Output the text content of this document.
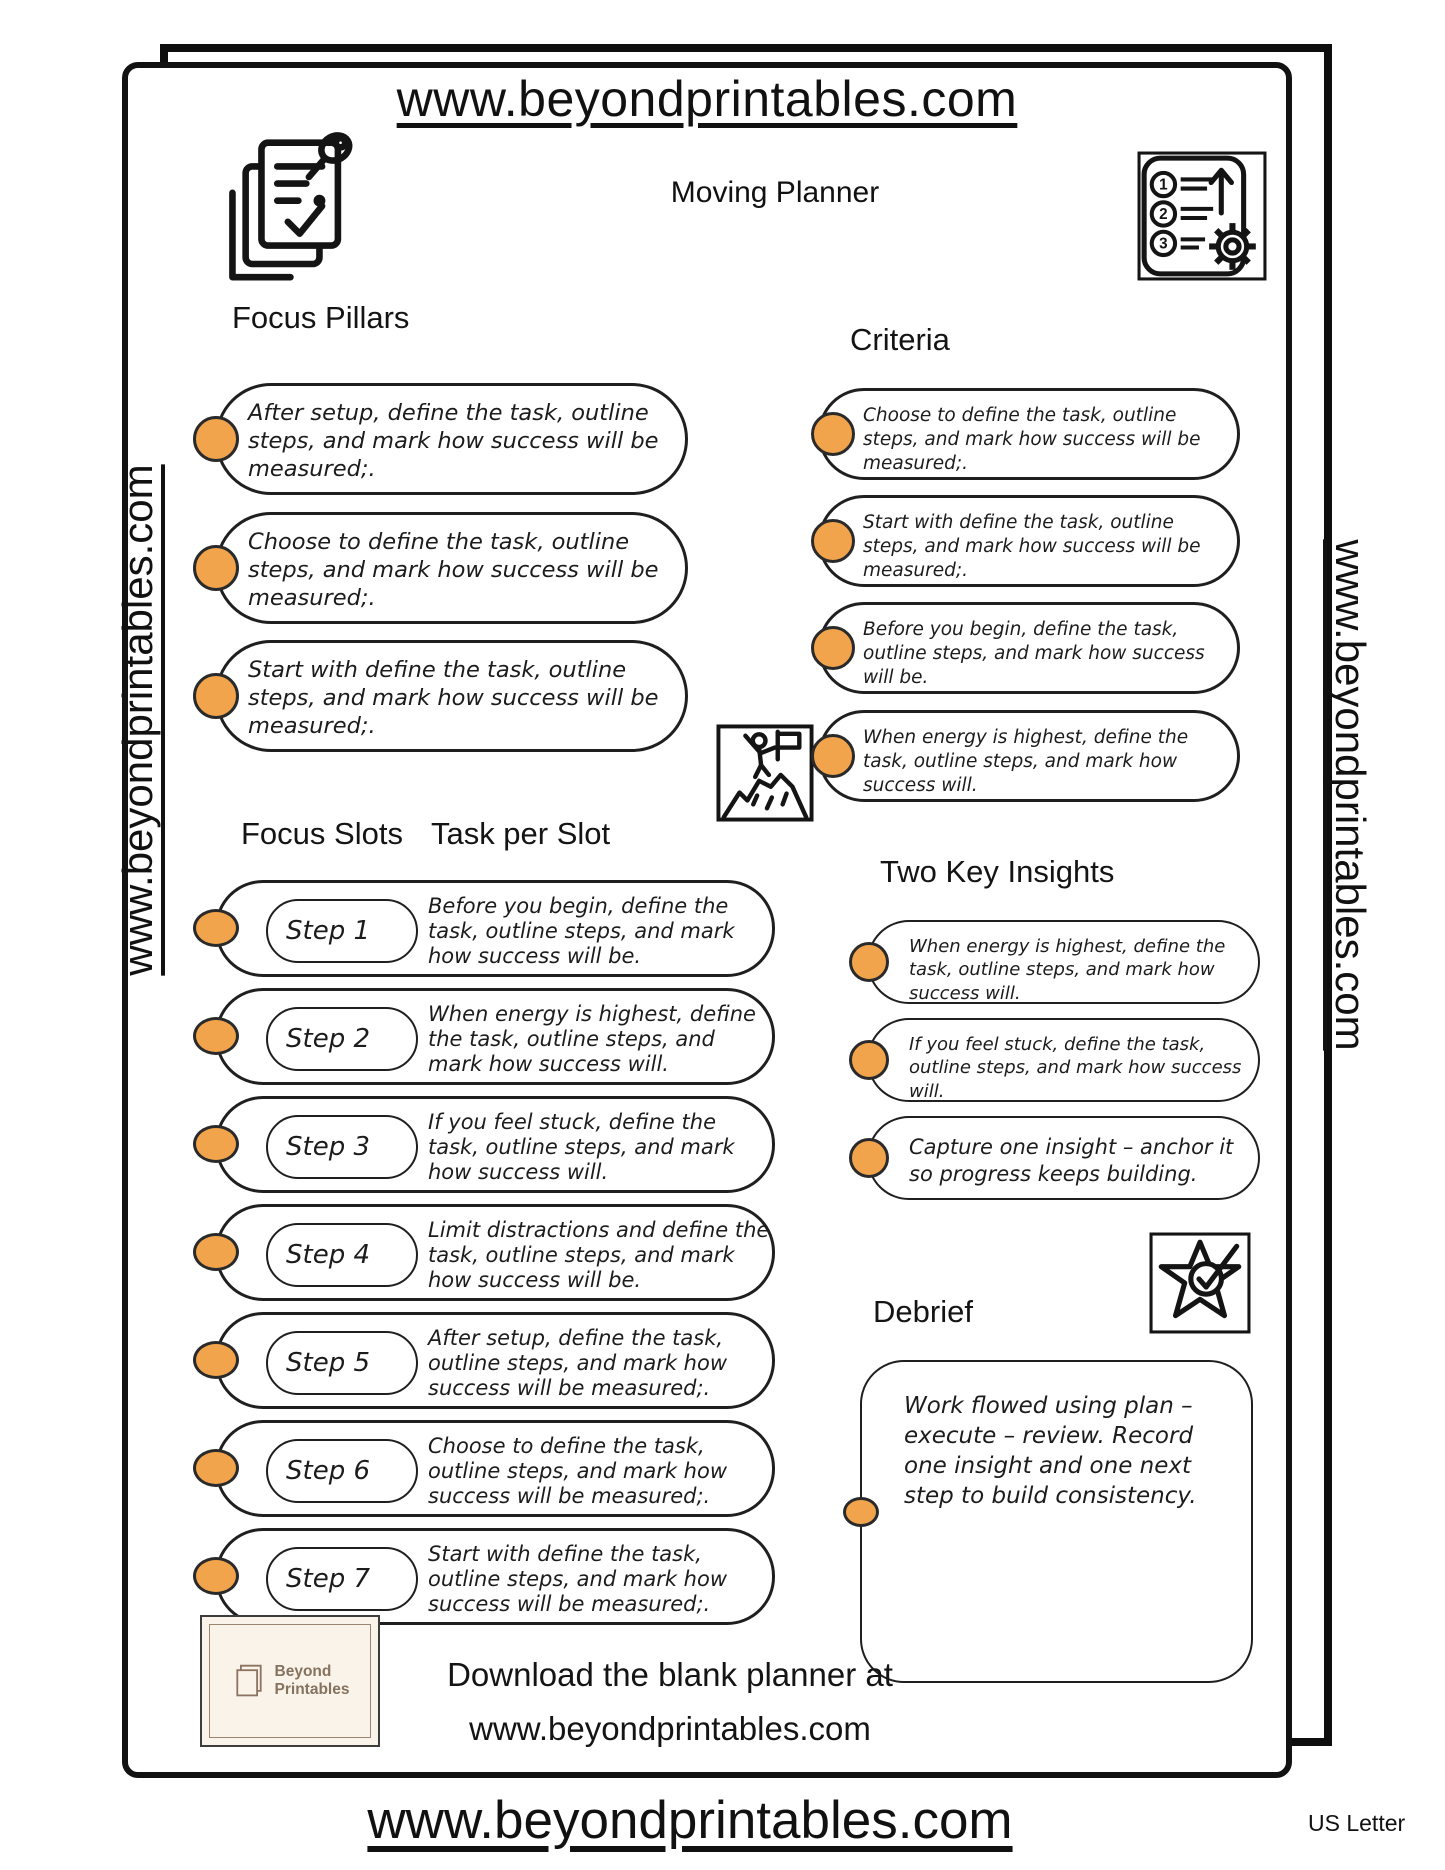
www.beyondprintables.com
Moving Planner	1
2
3
Focus Pillars
After setup, define the task, outline steps, and mark how success will be measured;.
Choose to define the task, outline steps, and mark how success will be measured;.
Start with define the task, outline steps, and mark how success will be measured;.
Criteria
Choose to define the task, outline steps, and mark how success will be measured;.
Start with define the task, outline steps, and mark how success will be measured;.
Before you begin, define the task, outline steps, and mark how success will be.
When energy is highest, define the task, outline steps, and mark how success will.
Focus Slots Task per Slot
Step 1
Before you begin, define the task, outline steps, and mark how success will be.
Step 2
When energy is highest, define the task, outline steps, and mark how success will.
Step 3
If you feel stuck, define the task, outline steps, and mark how success will.
Step 4
Limit distractions and define the task, outline steps, and mark how success will be.
Step 5
After setup, define the task, outline steps, and mark how success will be measured;.
Step 6
Choose to define the task, outline steps, and mark how success will be measured;.
Step 7
Start with define the task, outline steps, and mark how success will be measured;.
Two Key Insights
When energy is highest, define the task, outline steps, and mark how success will.
If you feel stuck, define the task, outline steps, and mark how success will.
Capture one insight – anchor it so progress keeps building.
Debrief
Work flowed using plan – execute – review. Record one insight and one next step to build consistency.
Beyond
Printables	Download the blank planner at
www.beyondprintables.com
www.beyondprintables.com	US Letter
www.beyondprintables.com	www.beyondprintables.com
